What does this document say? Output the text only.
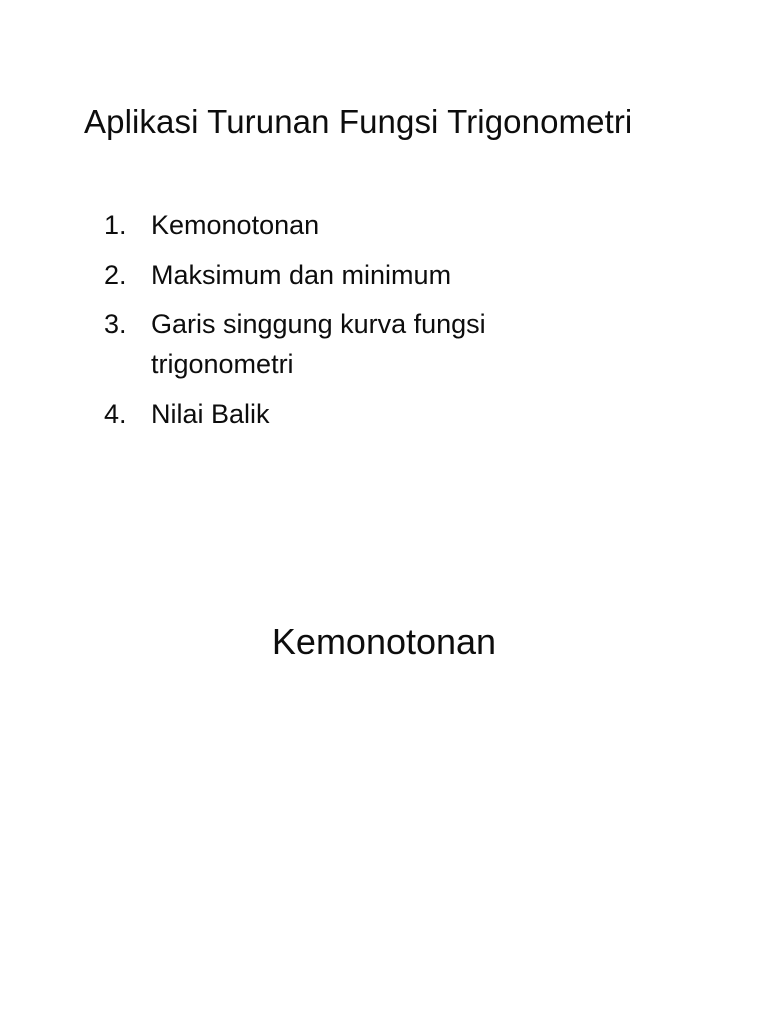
Aplikasi Turunan Fungsi Trigonometri
1. Kemonotonan
2. Maksimum dan minimum
3. Garis singgung kurva fungsi trigonometri
4. Nilai Balik
Kemonotonan
